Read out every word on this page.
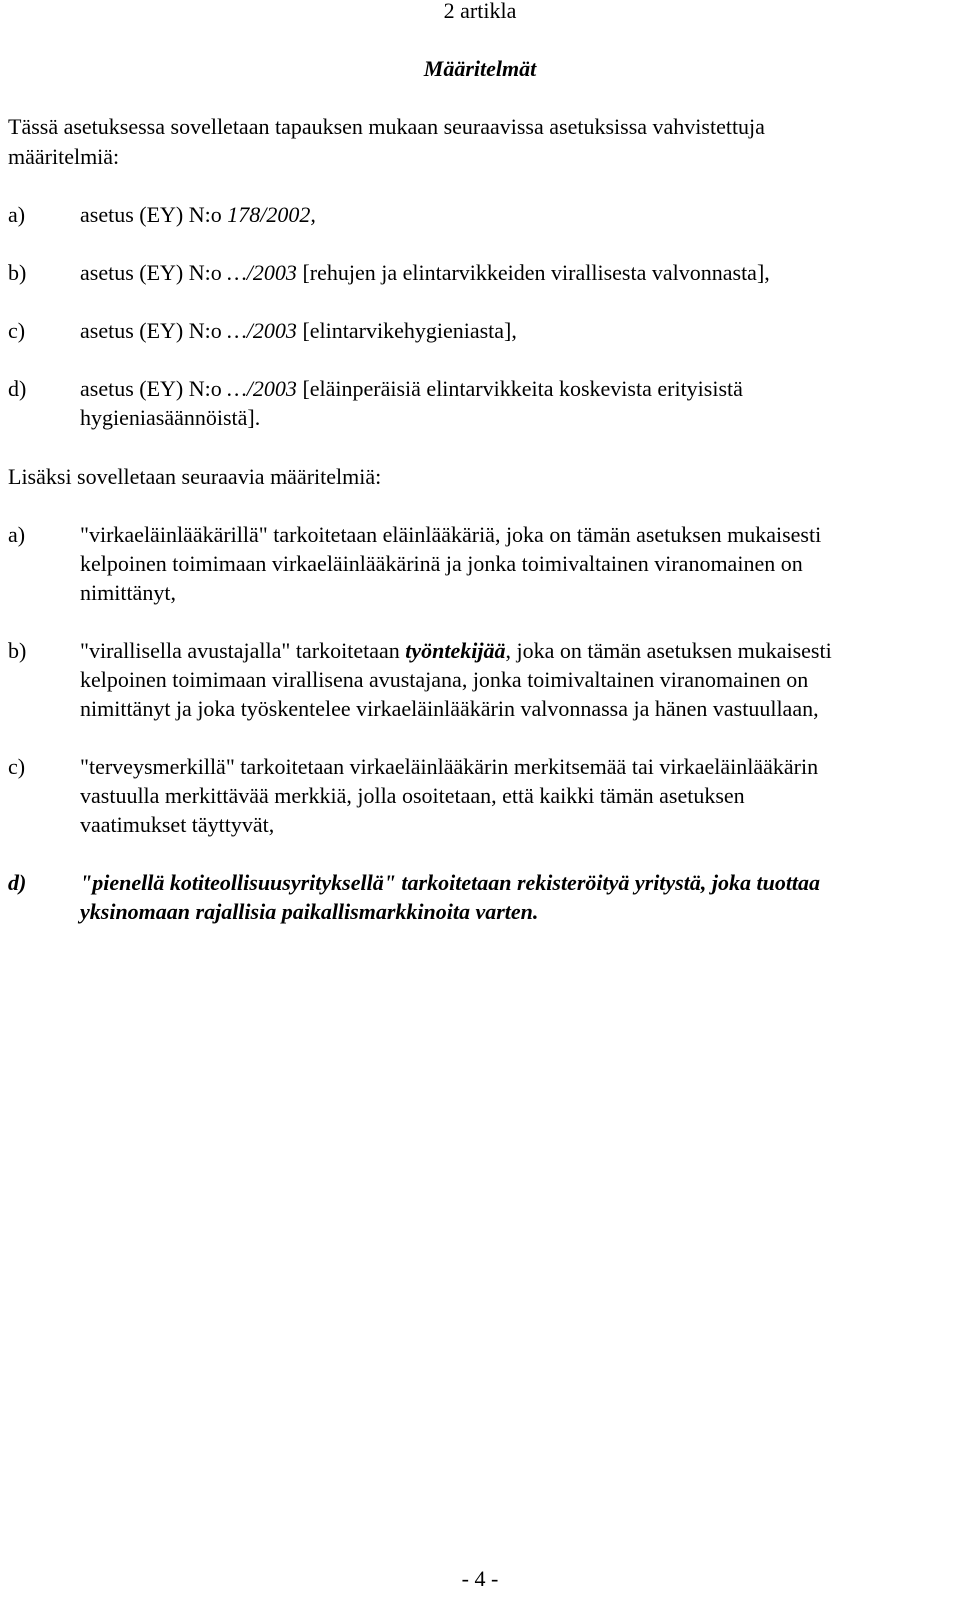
2 artikla
Määritelmät
Tässä asetuksessa sovelletaan tapauksen mukaan seuraavissa asetuksissa vahvistettuja
määritelmiä:
a) asetus (EY) N:o 178/2002,
b) asetus (EY) N:o …/2003 [rehujen ja elintarvikkeiden virallisesta valvonnasta],
c) asetus (EY) N:o …/2003 [elintarvikehygieniasta],
d) asetus (EY) N:o …/2003 [eläinperäisiä elintarvikkeita koskevista erityisistä
hygieniasäännöistä].
Lisäksi sovelletaan seuraavia määritelmiä:
a) "virkaeläinlääkärillä" tarkoitetaan eläinlääkäriä, joka on tämän asetuksen mukaisesti
kelpoinen toimimaan virkaeläinlääkärinä ja jonka toimivaltainen viranomainen on
nimittänyt,
b) "virallisella avustajalla" tarkoitetaan työntekijää, joka on tämän asetuksen mukaisesti
kelpoinen toimimaan virallisena avustajana, jonka toimivaltainen viranomainen on
nimittänyt ja joka työskentelee virkaeläinlääkärin valvonnassa ja hänen vastuullaan,
c) "terveysmerkillä" tarkoitetaan virkaeläinlääkärin merkitsemää tai virkaeläinlääkärin
vastuulla merkittävää merkkiä, jolla osoitetaan, että kaikki tämän asetuksen
vaatimukset täyttyvät,
d) "pienellä kotiteollisuusyrityksellä" tarkoitetaan rekisteröityä yritystä, joka tuottaa
yksinomaan rajallisia paikallismarkkinoita varten.
- 4 -
